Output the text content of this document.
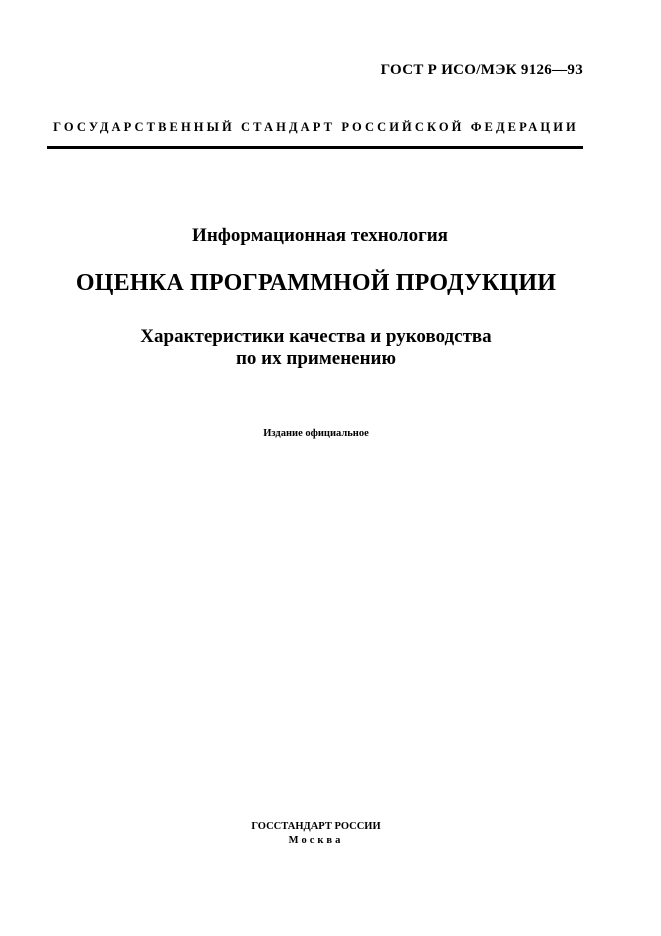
ГОСТ Р ИСО/МЭК 9126—93
ГОСУДАРСТВЕННЫЙ СТАНДАРТ РОССИЙСКОЙ ФЕДЕРАЦИИ
Информационная технология
ОЦЕНКА ПРОГРАММНОЙ ПРОДУКЦИИ
Характеристики качества и руководства
по их применению
Издание официальное
ГОССТАНДАРТ РОССИИ
Москва
